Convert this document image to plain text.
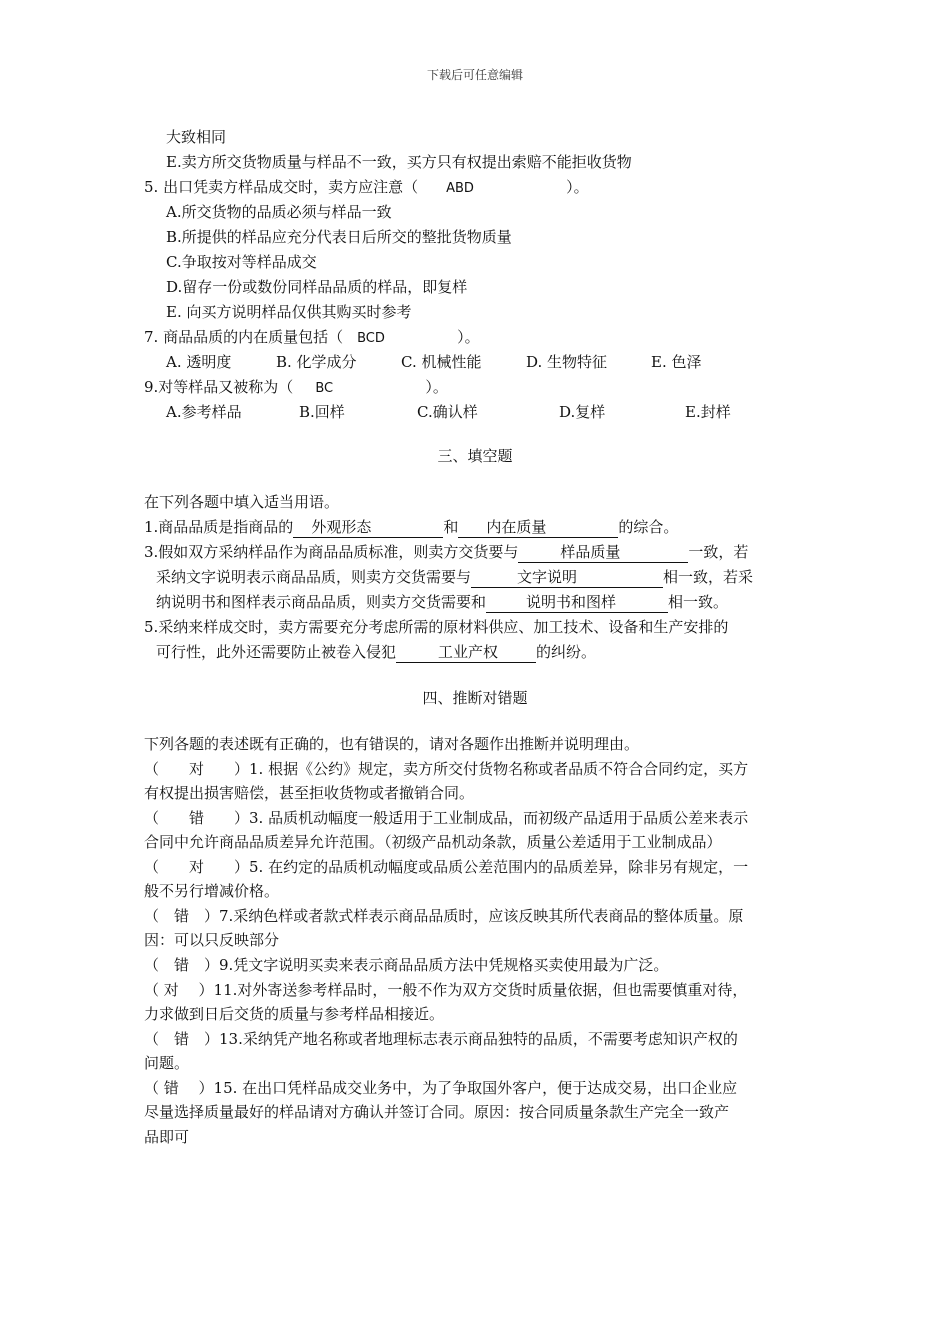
下载后可任意编辑
大致相同
E.卖方所交货物质量与样品不一致，买方只有权提出索赔不能拒收货物
5. 出口凭卖方样品成交时，卖方应注意（ ABD	）。
A.所交货物的品质必须与样品一致
B.所提供的样品应充分代表日后所交的整批货物质量
C.争取按对等样品成交
D.留存一份或数份同样品品质的样品，即复样
E. 向买方说明样品仅供其购买时参考
7. 商品品质的内在质量包括（ BCD	）。
A. 透明度	B. 化学成分	C. 机械性能	D. 生物特征	E. 色泽
9.对等样品又被称为（ BC	）。
A.参考样品	B.回样	C.确认样	D.复样	E.封样
三、填空题
在下列各题中填入适当用语。
1.商品品质是指商品的 外观形态	和 内在质量	的综合。
3.假如双方采纳样品作为商品品质标准，则卖方交货要与	样品质量	一致，若
采纳文字说明表示商品品质，则卖方交货需要与	文字说明	相一致，若采
纳说明书和图样表示商品品质，则卖方交货需要和	说明书和图样	相一致。
5.采纳来样成交时，卖方需要充分考虑所需的原材料供应、加工技术、设备和生产安排的
可行性，此外还需要防止被卷入侵犯	工业产权	的纠纷。
四、推断对错题
下列各题的表述既有正确的，也有错误的，请对各题作出推断并说明理由。
（　　对　　）1. 根据《公约》规定，卖方所交付货物名称或者品质不符合合同约定，买方
有权提出损害赔偿，甚至拒收货物或者撤销合同。
（　　错　　）3. 品质机动幅度一般适用于工业制成品，而初级产品适用于品质公差来表示
合同中允许商品品质差异允许范围。（初级产品机动条款，质量公差适用于工业制成品）
（　　对　　）5. 在约定的品质机动幅度或品质公差范围内的品质差异，除非另有规定，一
般不另行增减价格。
（　错　）7.采纳色样或者款式样表示商品品质时，应该反映其所代表商品的整体质量。原
因：可以只反映部分
（　错　）9.凭文字说明买卖来表示商品品质方法中凭规格买卖使用最为广泛。
（ 对　 ）11.对外寄送参考样品时，一般不作为双方交货时质量依据，但也需要慎重对待，
力求做到日后交货的质量与参考样品相接近。
（　错　）13.采纳凭产地名称或者地理标志表示商品独特的品质，不需要考虑知识产权的
问题。
（ 错　 ）15. 在出口凭样品成交业务中，为了争取国外客户，便于达成交易，出口企业应
尽量选择质量最好的样品请对方确认并签订合同。原因：按合同质量条款生产完全一致产
品即可
